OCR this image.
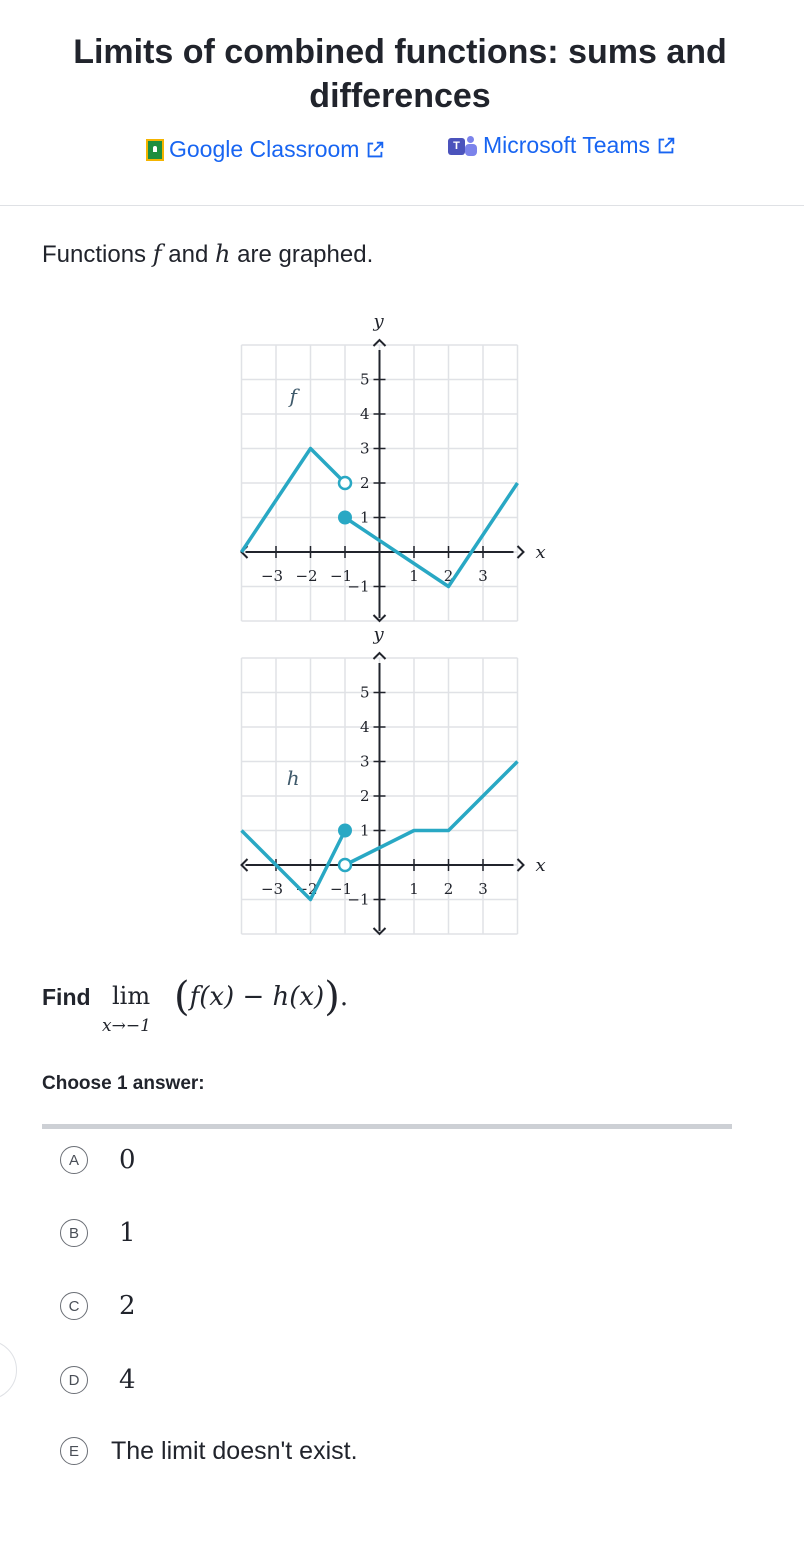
Limits of combined functions: sums and differences
Google Classroom	T Microsoft Teams
Functions f and h are graphed.
x
y
−3 −2 −1	1 2 3
−1
1
2
3
4
5
f
x
y
−3 −2 −1	1 2 3
−1
1
2
3
4
5
h
Find lim
x→−1
(f(x) − h(x)).
Choose 1 answer:
A	0
B	1
C	2
D	4
E	The limit doesn't exist.
